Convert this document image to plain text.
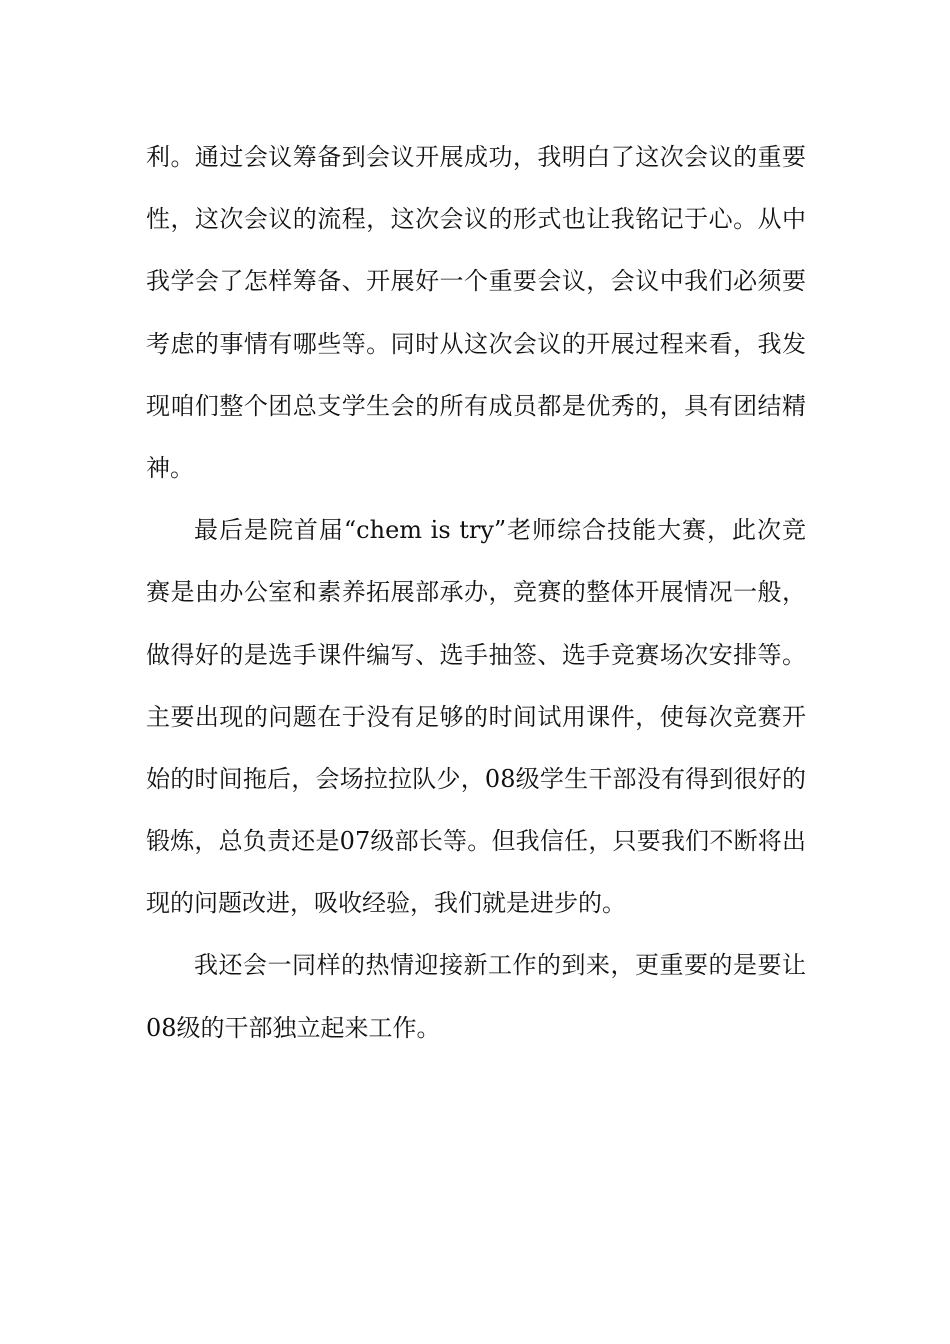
利。通过会议筹备到会议开展成功，我明白了这次会议的重要
性，这次会议的流程，这次会议的形式也让我铭记于心。从中
我学会了怎样筹备、开展好一个重要会议，会议中我们必须要
考虑的事情有哪些等。同时从这次会议的开展过程来看，我发
现咱们整个团总支学生会的所有成员都是优秀的，具有团结精
神。
最后是院首届“chem is try”老师综合技能大赛，此次竞
赛是由办公室和素养拓展部承办，竞赛的整体开展情况一般，
做得好的是选手课件编写、选手抽签、选手竞赛场次安排等。
主要出现的问题在于没有足够的时间试用课件，使每次竞赛开
始的时间拖后，会场拉拉队少，08级学生干部没有得到很好的
锻炼，总负责还是07级部长等。但我信任，只要我们不断将出
现的问题改进，吸收经验，我们就是进步的。
我还会一同样的热情迎接新工作的到来，更重要的是要让
08级的干部独立起来工作。
